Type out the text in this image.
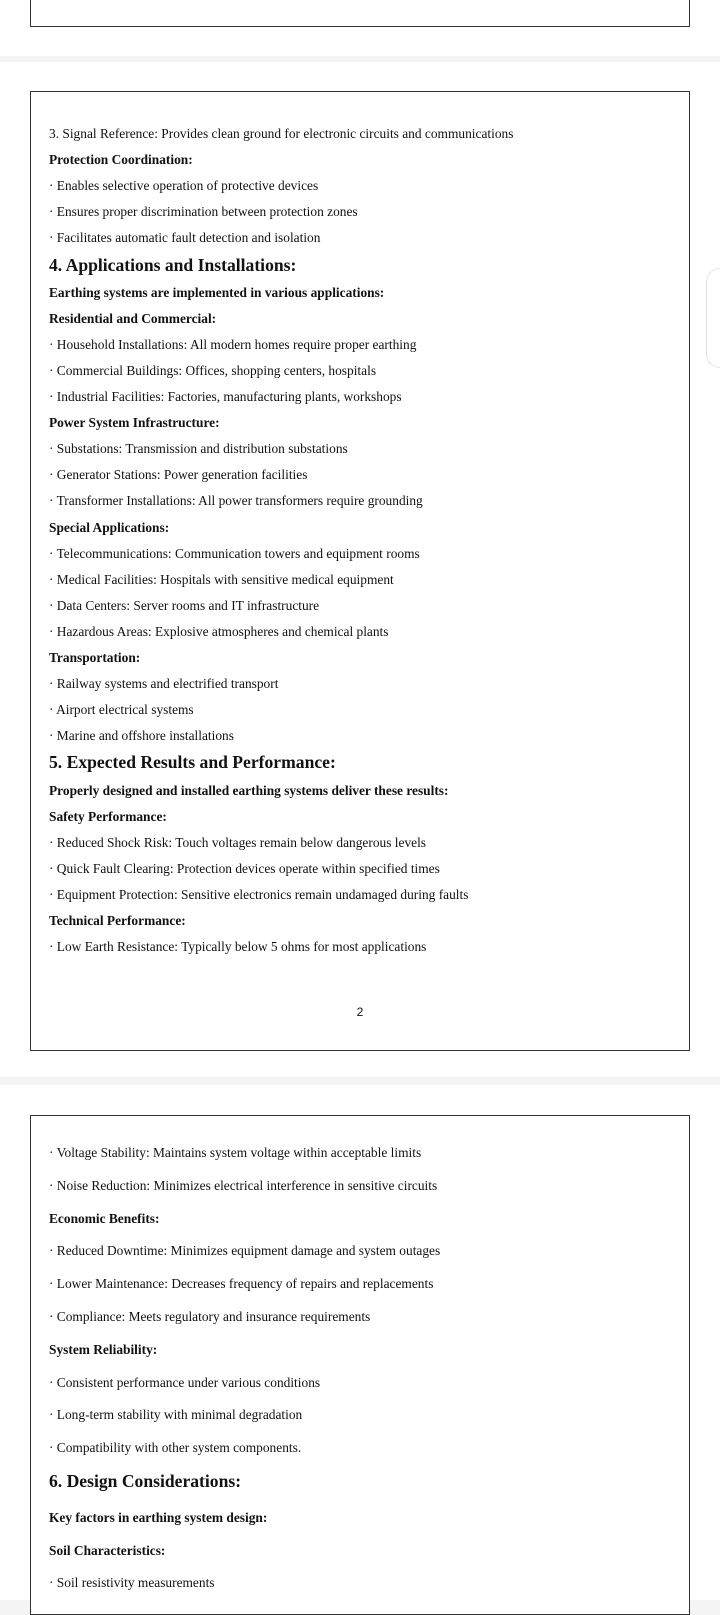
3. Signal Reference: Provides clean ground for electronic circuits and communications
Protection Coordination:
· Enables selective operation of protective devices
· Ensures proper discrimination between protection zones
· Facilitates automatic fault detection and isolation
4. Applications and Installations:
Earthing systems are implemented in various applications:
Residential and Commercial:
· Household Installations: All modern homes require proper earthing
· Commercial Buildings: Offices, shopping centers, hospitals
· Industrial Facilities: Factories, manufacturing plants, workshops
Power System Infrastructure:
· Substations: Transmission and distribution substations
· Generator Stations: Power generation facilities
· Transformer Installations: All power transformers require grounding
Special Applications:
· Telecommunications: Communication towers and equipment rooms
· Medical Facilities: Hospitals with sensitive medical equipment
· Data Centers: Server rooms and IT infrastructure
· Hazardous Areas: Explosive atmospheres and chemical plants
Transportation:
· Railway systems and electrified transport
· Airport electrical systems
· Marine and offshore installations
5. Expected Results and Performance:
Properly designed and installed earthing systems deliver these results:
Safety Performance:
· Reduced Shock Risk: Touch voltages remain below dangerous levels
· Quick Fault Clearing: Protection devices operate within specified times
· Equipment Protection: Sensitive electronics remain undamaged during faults
Technical Performance:
· Low Earth Resistance: Typically below 5 ohms for most applications
2
· Voltage Stability: Maintains system voltage within acceptable limits
· Noise Reduction: Minimizes electrical interference in sensitive circuits
Economic Benefits:
· Reduced Downtime: Minimizes equipment damage and system outages
· Lower Maintenance: Decreases frequency of repairs and replacements
· Compliance: Meets regulatory and insurance requirements
System Reliability:
· Consistent performance under various conditions
· Long-term stability with minimal degradation
· Compatibility with other system components.
6. Design Considerations:
Key factors in earthing system design:
Soil Characteristics:
· Soil resistivity measurements
